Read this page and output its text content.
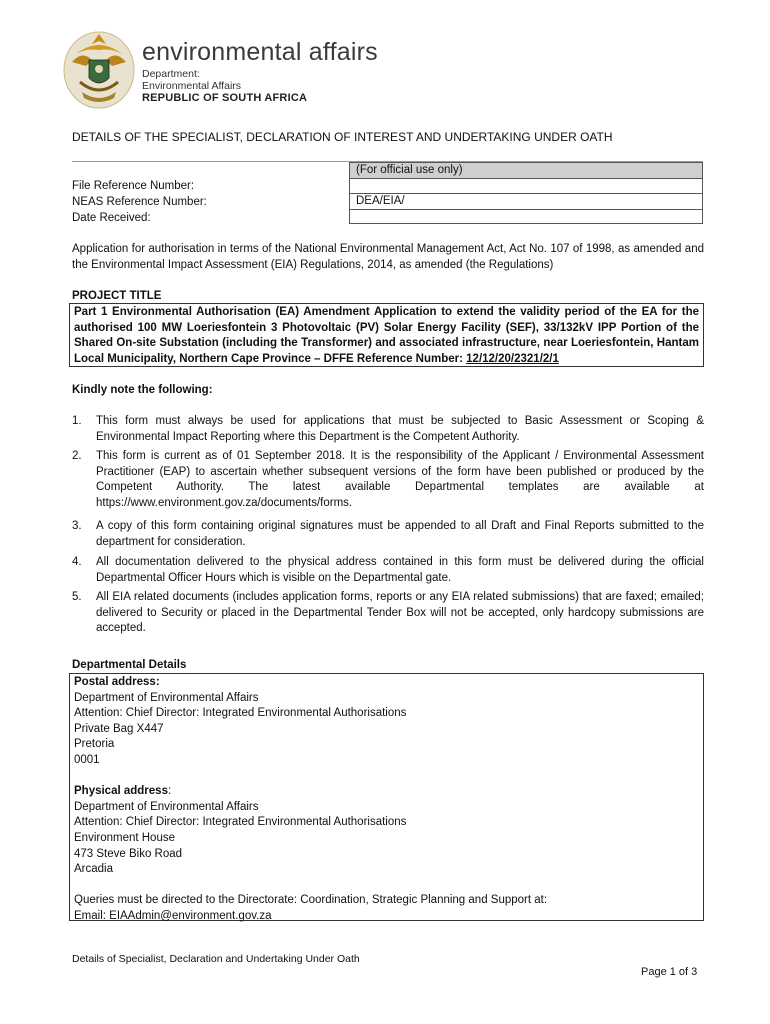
environmental affairs
Department:
Environmental Affairs
REPUBLIC OF SOUTH AFRICA
DETAILS OF THE SPECIALIST, DECLARATION OF INTEREST AND UNDERTAKING UNDER OATH
(For official use only)
DEA/EIA/
File Reference Number:
NEAS Reference Number:
Date Received:
Application for authorisation in terms of the National Environmental Management Act, Act No. 107 of 1998, as amended and the Environmental Impact Assessment (EIA) Regulations, 2014, as amended (the Regulations)
PROJECT TITLE
Part 1 Environmental Authorisation (EA) Amendment Application to extend the validity period of the EA for the authorised 100 MW Loeriesfontein 3 Photovoltaic (PV) Solar Energy Facility (SEF), 33/132kV IPP Portion of the Shared On-site Substation (including the Transformer) and associated infrastructure, near Loeriesfontein, Hantam Local Municipality, Northern Cape Province – DFFE Reference Number: 12/12/20/2321/2/1
Kindly note the following:
1. This form must always be used for applications that must be subjected to Basic Assessment or Scoping & Environmental Impact Reporting where this Department is the Competent Authority.
2. This form is current as of 01 September 2018. It is the responsibility of the Applicant / Environmental Assessment Practitioner (EAP) to ascertain whether subsequent versions of the form have been published or produced by the Competent Authority. The latest available Departmental templates are available at https://www.environment.gov.za/documents/forms.
3. A copy of this form containing original signatures must be appended to all Draft and Final Reports submitted to the department for consideration.
4. All documentation delivered to the physical address contained in this form must be delivered during the official Departmental Officer Hours which is visible on the Departmental gate.
5. All EIA related documents (includes application forms, reports or any EIA related submissions) that are faxed; emailed; delivered to Security or placed in the Departmental Tender Box will not be accepted, only hardcopy submissions are accepted.
Departmental Details
Postal address:
Department of Environmental Affairs
Attention: Chief Director: Integrated Environmental Authorisations
Private Bag X447
Pretoria
0001
Physical address:
Department of Environmental Affairs
Attention: Chief Director: Integrated Environmental Authorisations
Environment House
473 Steve Biko Road
Arcadia
Queries must be directed to the Directorate: Coordination, Strategic Planning and Support at:
Email: EIAAdmin@environment.gov.za
Details of Specialist, Declaration and Undertaking Under Oath
Page 1 of 3
